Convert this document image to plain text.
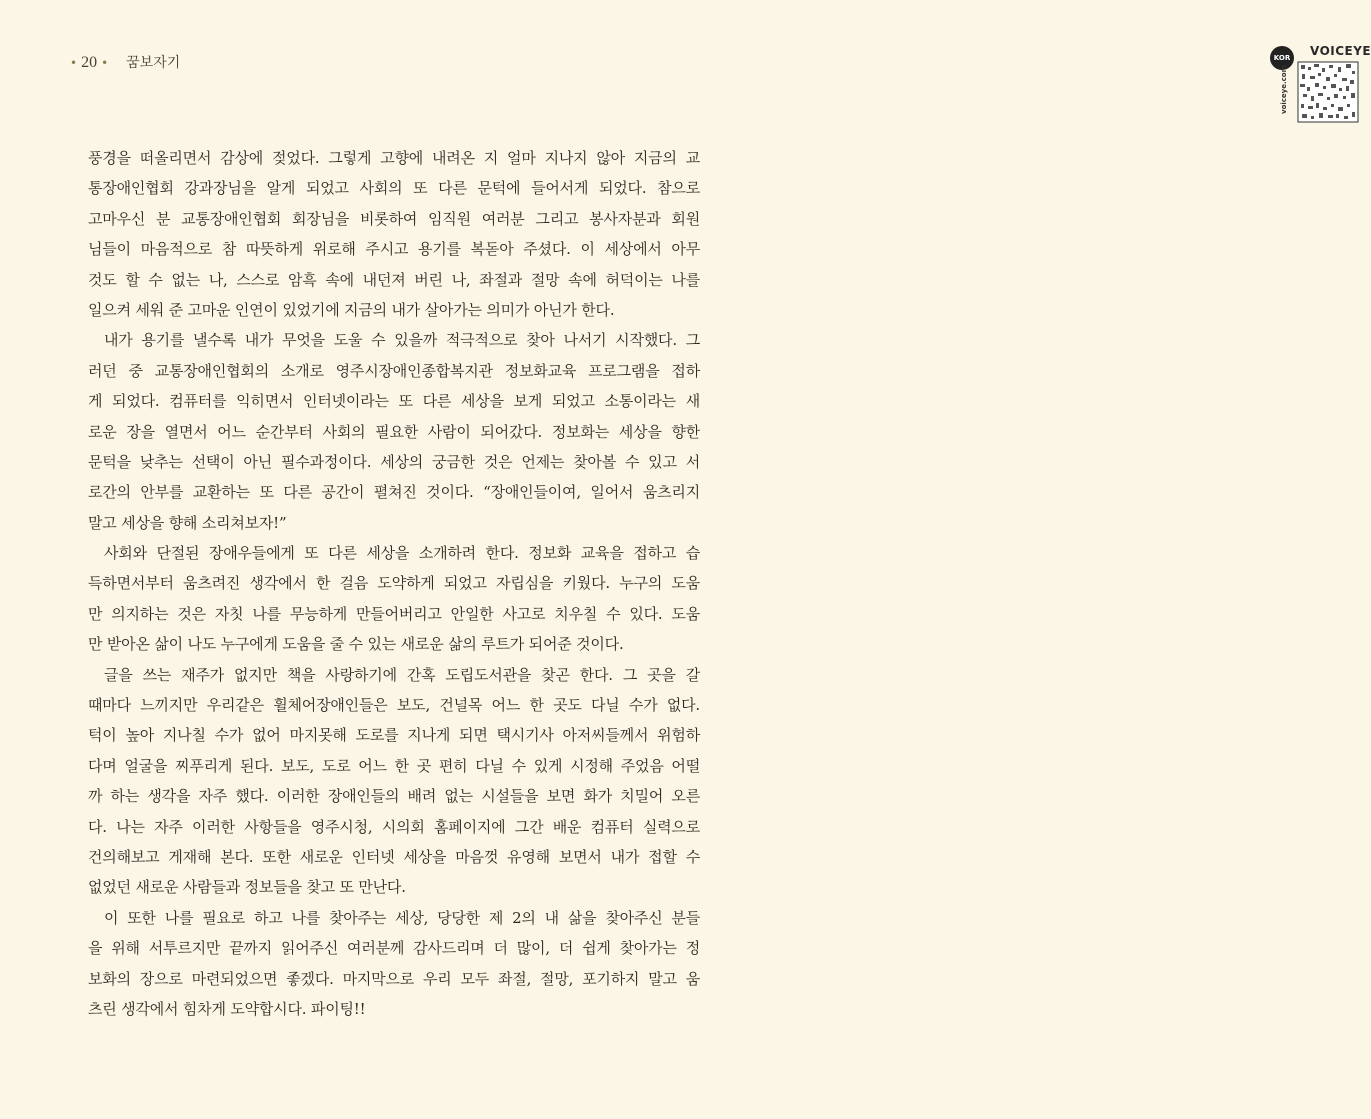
• 20 • 꿈보자기	KOR	VOICEYE
voiceye.com
풍경을 떠올리면서 감상에 젖었다. 그렇게 고향에 내려온 지 얼마 지나지 않아 지금의 교
통장애인협회 강과장님을 알게 되었고 사회의 또 다른 문턱에 들어서게 되었다. 참으로
고마우신 분 교통장애인협회 회장님을 비롯하여 임직원 여러분 그리고 봉사자분과 회원
님들이 마음적으로 참 따뜻하게 위로해 주시고 용기를 복돋아 주셨다. 이 세상에서 아무
것도 할 수 없는 나, 스스로 암흑 속에 내던져 버린 나, 좌절과 절망 속에 허덕이는 나를
일으켜 세워 준 고마운 인연이 있었기에 지금의 내가 살아가는 의미가 아닌가 한다.
내가 용기를 낼수록 내가 무엇을 도울 수 있을까 적극적으로 찾아 나서기 시작했다. 그
러던 중 교통장애인협회의 소개로 영주시장애인종합복지관 정보화교육 프로그램을 접하
게 되었다. 컴퓨터를 익히면서 인터넷이라는 또 다른 세상을 보게 되었고 소통이라는 새
로운 장을 열면서 어느 순간부터 사회의 필요한 사람이 되어갔다. 정보화는 세상을 향한
문턱을 낮추는 선택이 아닌 필수과정이다. 세상의 궁금한 것은 언제는 찾아볼 수 있고 서
로간의 안부를 교환하는 또 다른 공간이 펼쳐진 것이다. “장애인들이여, 일어서 움츠리지
말고 세상을 향해 소리쳐보자!”
사회와 단절된 장애우들에게 또 다른 세상을 소개하려 한다. 정보화 교육을 접하고 습
득하면서부터 움츠려진 생각에서 한 걸음 도약하게 되었고 자립심을 키웠다. 누구의 도움
만 의지하는 것은 자칫 나를 무능하게 만들어버리고 안일한 사고로 치우칠 수 있다. 도움
만 받아온 삶이 나도 누구에게 도움을 줄 수 있는 새로운 삶의 루트가 되어준 것이다.
글을 쓰는 재주가 없지만 책을 사랑하기에 간혹 도립도서관을 찾곤 한다. 그 곳을 갈
때마다 느끼지만 우리같은 휠체어장애인들은 보도, 건널목 어느 한 곳도 다닐 수가 없다.
턱이 높아 지나칠 수가 없어 마지못해 도로를 지나게 되면 택시기사 아저씨들께서 위험하
다며 얼굴을 찌푸리게 된다. 보도, 도로 어느 한 곳 편히 다닐 수 있게 시정해 주었음 어떨
까 하는 생각을 자주 했다. 이러한 장애인들의 배려 없는 시설들을 보면 화가 치밀어 오른
다. 나는 자주 이러한 사항들을 영주시청, 시의회 홈페이지에 그간 배운 컴퓨터 실력으로
건의해보고 게재해 본다. 또한 새로운 인터넷 세상을 마음껏 유영해 보면서 내가 접할 수
없었던 새로운 사람들과 정보들을 찾고 또 만난다.
이 또한 나를 필요로 하고 나를 찾아주는 세상, 당당한 제 2의 내 삶을 찾아주신 분들
을 위해 서투르지만 끝까지 읽어주신 여러분께 감사드리며 더 많이, 더 쉽게 찾아가는 정
보화의 장으로 마련되었으면 좋겠다. 마지막으로 우리 모두 좌절, 절망, 포기하지 말고 움
츠린 생각에서 힘차게 도약합시다. 파이팅!!
